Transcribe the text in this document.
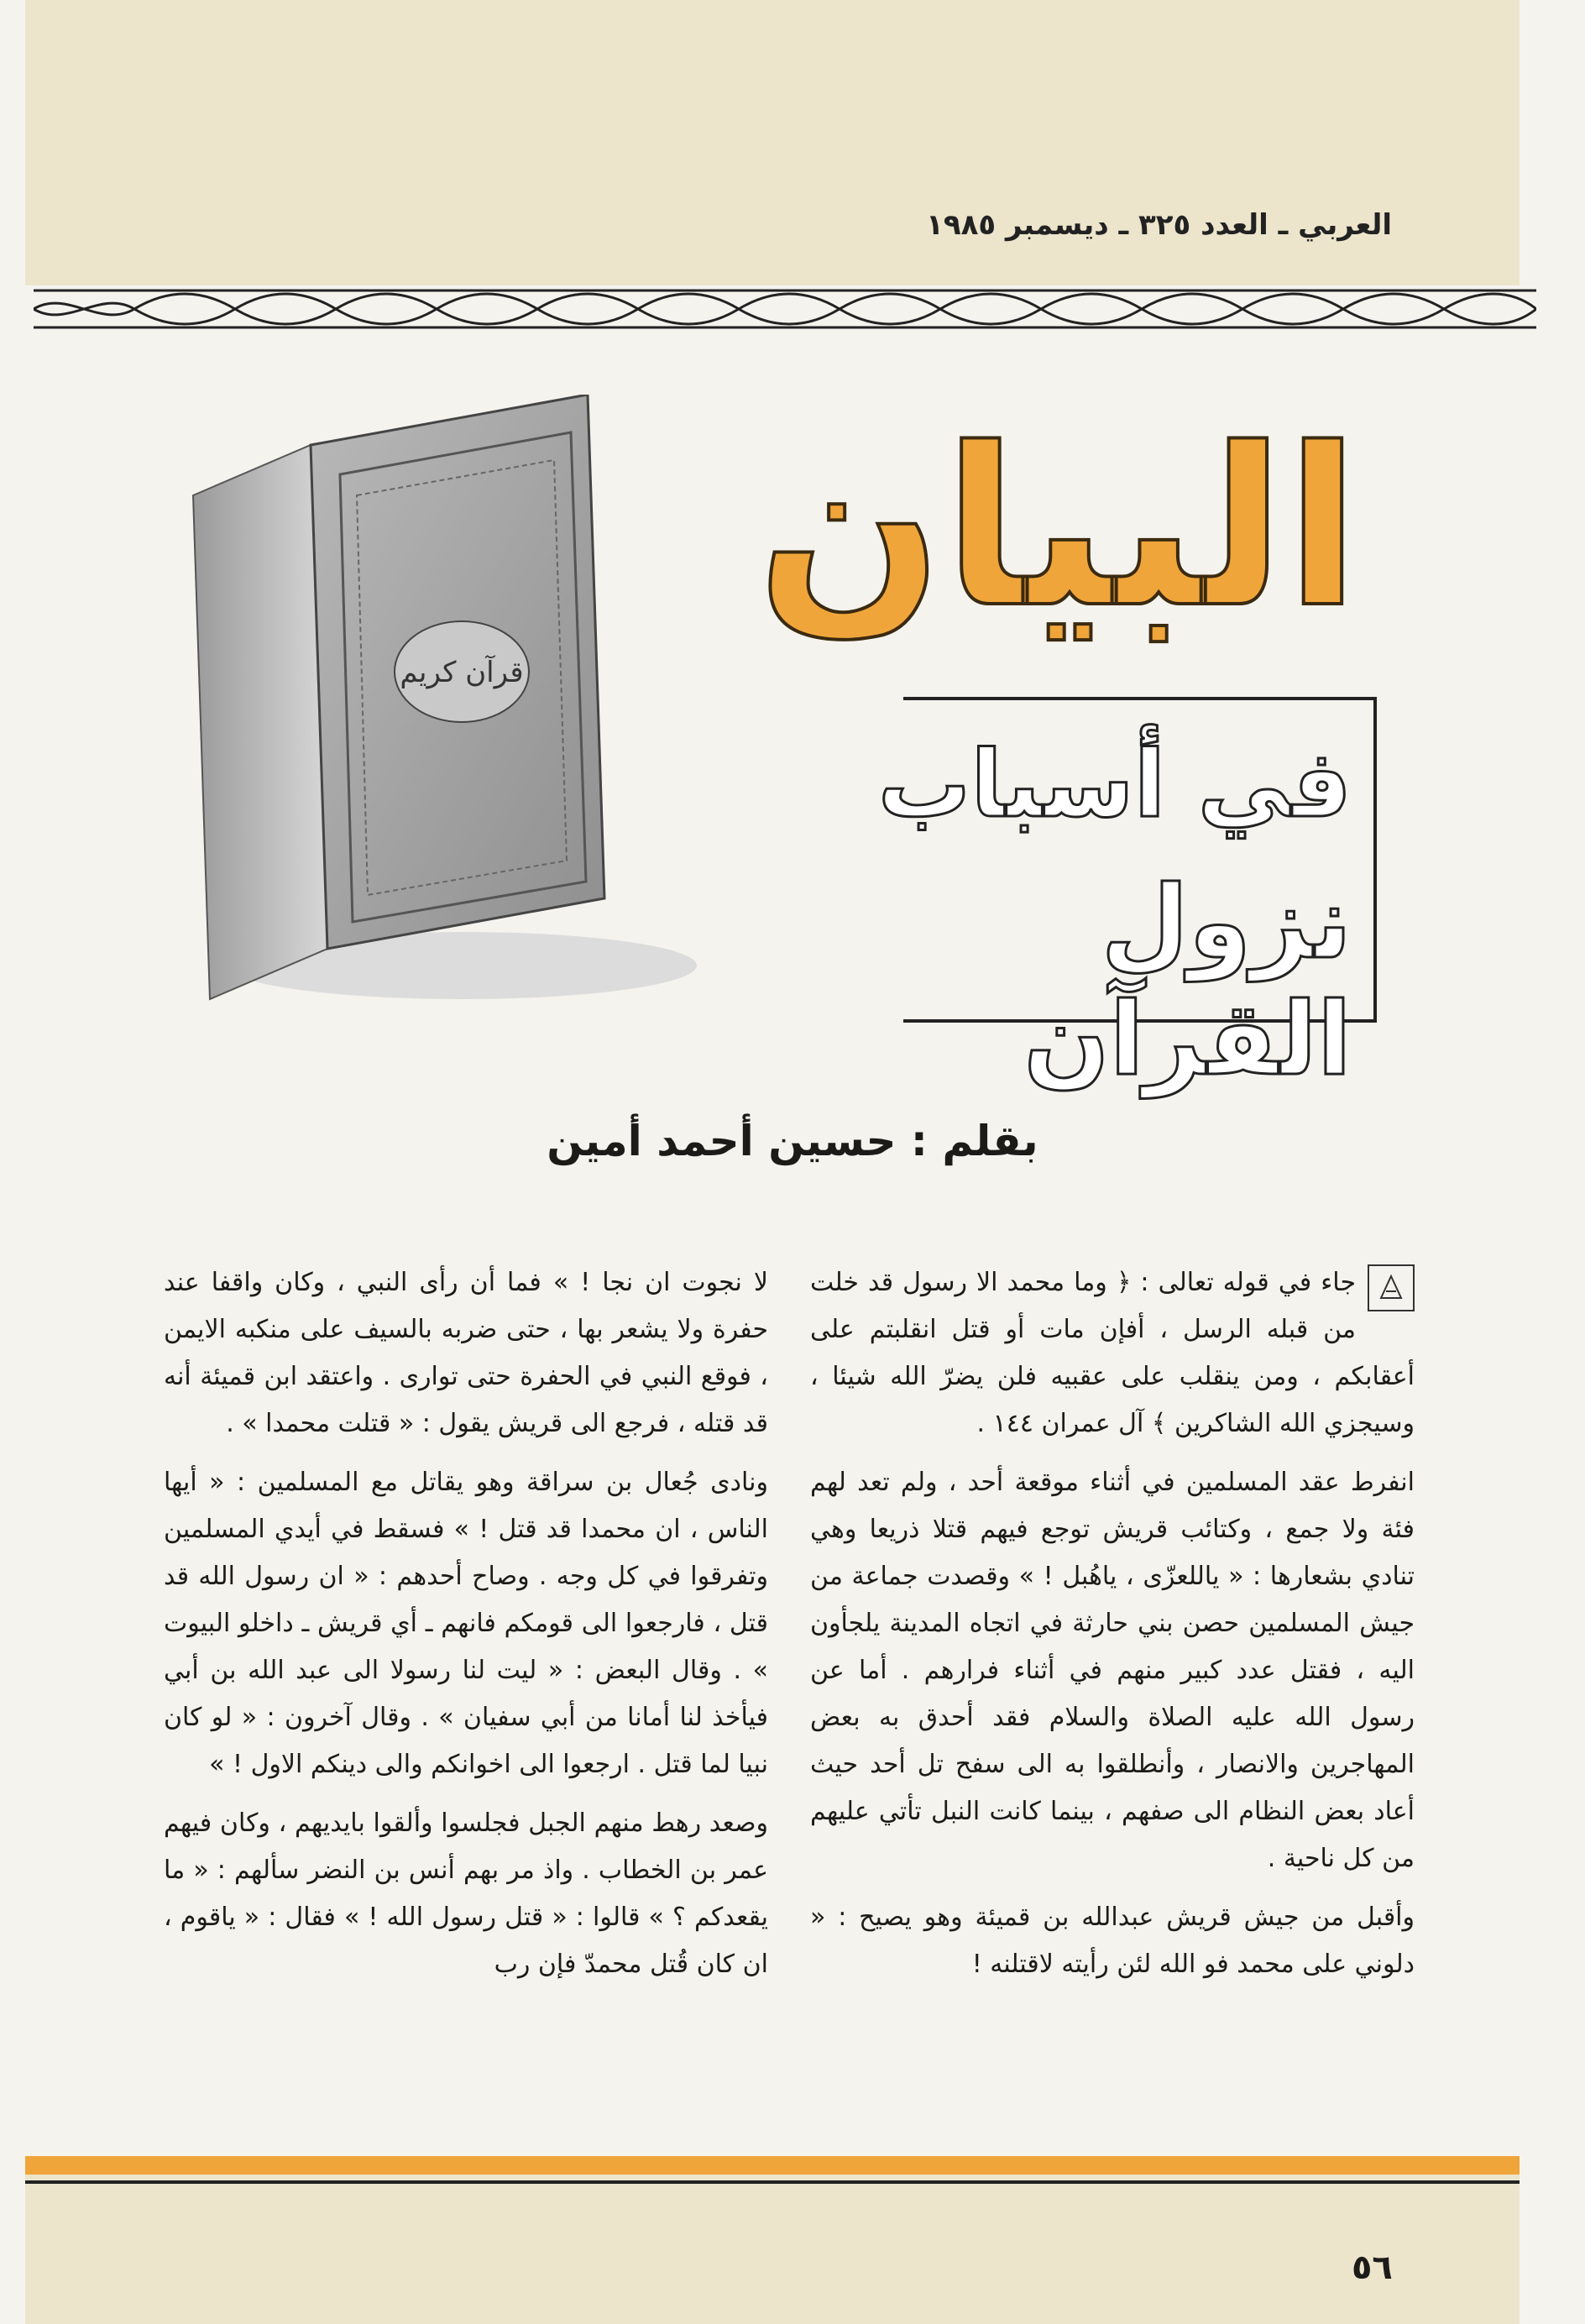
العربي ـ العدد ٣٢٥ ـ ديسمبر ١٩٨٥
قرآن كريم
البيان
في أسباب
نزول القرآن
بقلم : حسين أحمد أمين

جاء في قوله تعالى : ﴿ وما محمد الا رسول قد خلت من قبله الرسل ، أفإن مات أو قتل انقلبتم على أعقابكم ، ومن ينقلب على عقبيه فلن يضرّ الله شيئا ، وسيجزي الله الشاكرين ﴾ آل عمران ١٤٤ .

انفرط عقد المسلمين في أثناء موقعة أحد ، ولم تعد لهم فئة ولا جمع ، وكتائب قريش توجع فيهم قتلا ذريعا وهي تنادي بشعارها : « ياللعزّى ، ياهُبل ! » وقصدت جماعة من جيش المسلمين حصن بني حارثة في اتجاه المدينة يلجأون اليه ، فقتل عدد كبير منهم في أثناء فرارهم . أما عن رسول الله عليه الصلاة والسلام فقد أحدق به بعض المهاجرين والانصار ، وأنطلقوا به الى سفح تل أحد حيث أعاد بعض النظام الى صفهم ، بينما كانت النبل تأتي عليهم من كل ناحية .

وأقبل من جيش قريش عبدالله بن قميئة وهو يصيح : « دلوني على محمد فو الله لئن رأيته لاقتلنه !

لا نجوت ان نجا ! » فما أن رأى النبي ، وكان واقفا عند حفرة ولا يشعر بها ، حتى ضربه بالسيف على منكبه الايمن ، فوقع النبي في الحفرة حتى توارى . واعتقد ابن قميئة أنه قد قتله ، فرجع الى قريش يقول : « قتلت محمدا » .

ونادى جُعال بن سراقة وهو يقاتل مع المسلمين : « أيها الناس ، ان محمدا قد قتل ! » فسقط في أيدي المسلمين وتفرقوا في كل وجه . وصاح أحدهم : « ان رسول الله قد قتل ، فارجعوا الى قومكم فانهم ـ أي قريش ـ داخلو البيوت » . وقال البعض : « ليت لنا رسولا الى عبد الله بن أبي فيأخذ لنا أمانا من أبي سفيان » . وقال آخرون : « لو كان نبيا لما قتل . ارجعوا الى اخوانكم والى دينكم الاول ! »

وصعد رهط منهم الجبل فجلسوا وألقوا بايديهم ، وكان فيهم عمر بن الخطاب . واذ مر بهم أنس بن النضر سألهم : « ما يقعدكم ؟ » قالوا : « قتل رسول الله ! » فقال : « ياقوم ، ان كان قُتل محمدّ فإن رب

٥٦
